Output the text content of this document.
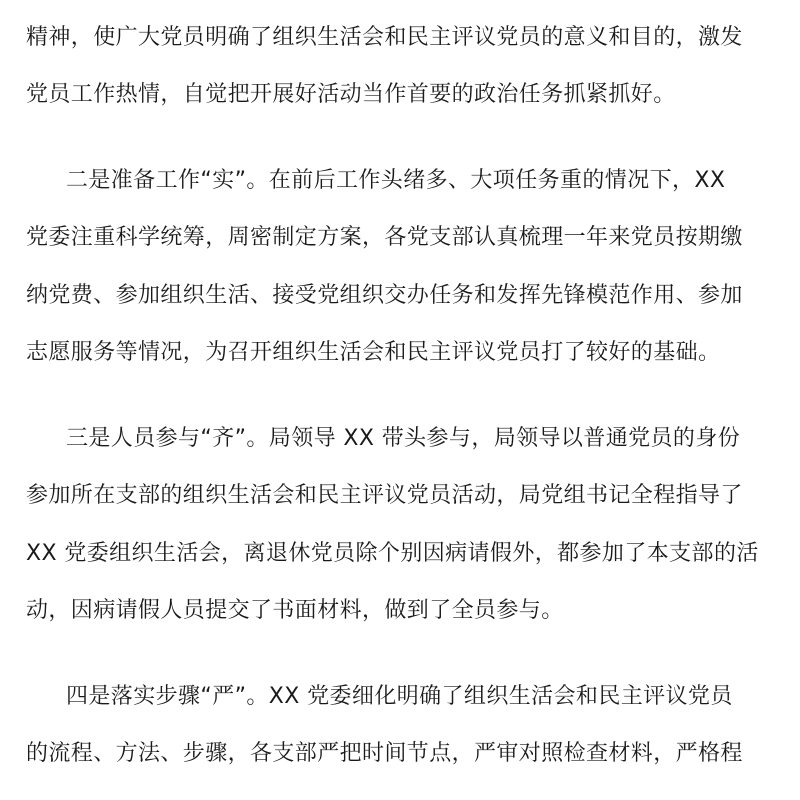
精神，使广大党员明确了组织生活会和民主评议党员的意义和目的，激发
党员工作热情，自觉把开展好活动当作首要的政治任务抓紧抓好。
二是准备工作“实”。在前后工作头绪多、大项任务重的情况下，XX
党委注重科学统筹，周密制定方案，各党支部认真梳理一年来党员按期缴
纳党费、参加组织生活、接受党组织交办任务和发挥先锋模范作用、参加
志愿服务等情况，为召开组织生活会和民主评议党员打了较好的基础。
三是人员参与“齐”。局领导 XX 带头参与，局领导以普通党员的身份
参加所在支部的组织生活会和民主评议党员活动，局党组书记全程指导了
XX 党委组织生活会，离退休党员除个别因病请假外，都参加了本支部的活
动，因病请假人员提交了书面材料，做到了全员参与。
四是落实步骤“严”。XX 党委细化明确了组织生活会和民主评议党员
的流程、方法、步骤，各支部严把时间节点，严审对照检查材料，严格程
